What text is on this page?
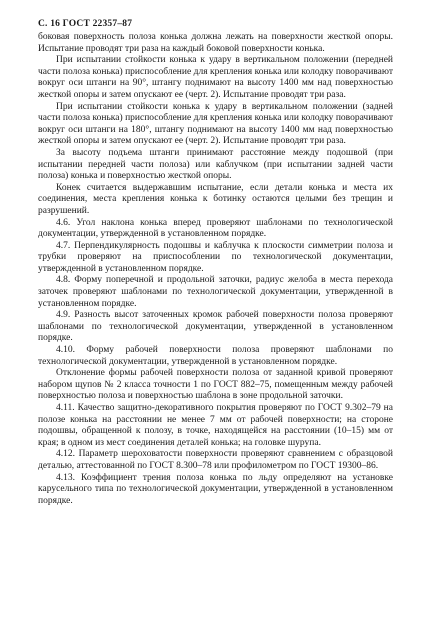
С. 16 ГОСТ 22357–87

боковая поверхность полоза конька должна лежать на поверхности жесткой опоры. Испытание проводят три раза на каждый боковой поверхности конька.

При испытании стойкости конька к удару в вертикальном положении (передней части полоза конька) приспособление для крепления конька или колодку поворачивают вокруг оси штанги на 90°, штангу поднимают на высоту 1400 мм над поверхностью жесткой опоры и затем опускают ее (черт. 2). Испытание проводят три раза.

При испытании стойкости конька к удару в вертикальном положении (задней части полоза конька) приспособление для крепления конька или колодку поворачивают вокруг оси штанги на 180°, штангу поднимают на высоту 1400 мм над поверхностью жесткой опоры и затем опускают ее (черт. 2). Испытание проводят три раза.

За высоту подъема штанги принимают расстояние между подошвой (при испытании передней части полоза) или каблучком (при испытании задней части полоза) конька и поверхностью жесткой опоры.

Конек считается выдержавшим испытание, если детали конька и места их соединения, места крепления конька к ботинку остаются целыми без трещин и разрушений.

4.6. Угол наклона конька вперед проверяют шаблонами по технологической документации, утвержденной в установленном порядке.

4.7. Перпендикулярность подошвы и каблучка к плоскости симметрии полоза и трубки проверяют на приспособлении по технологической документации, утвержденной в установленном порядке.

4.8. Форму поперечной и продольной заточки, радиус желоба в места перехода заточек проверяют шаблонами по технологической документации, утвержденной в установленном порядке.

4.9. Разность высот заточенных кромок рабочей поверхности полоза проверяют шаблонами по технологической документации, утвержденной в установленном порядке.

4.10. Форму рабочей поверхности полоза проверяют шаблонами по технологической документации, утвержденной в установленном порядке.

Отклонение формы рабочей поверхности полоза от заданной кривой проверяют набором щупов № 2 класса точности 1 по ГОСТ 882–75, помещенным между рабочей поверхностью полоза и поверхностью шаблона в зоне продольной заточки.

4.11. Качество защитно-декоративного покрытия проверяют по ГОСТ 9.302–79 на полозе конька на расстоянии не менее 7 мм от рабочей поверхности; на стороне подошвы, обращенной к полозу, в точке, находящейся на расстоянии (10–15) мм от края; в одном из мест соединения деталей конька; на головке шурупа.

4.12. Параметр шероховатости поверхности проверяют сравнением с образцовой деталью, аттестованной по ГОСТ 8.300–78 или профилометром по ГОСТ 19300–86.

4.13. Коэффициент трения полоза конька по льду определяют на установке карусельного типа по технологической документации, утвержденной в установленном порядке.
